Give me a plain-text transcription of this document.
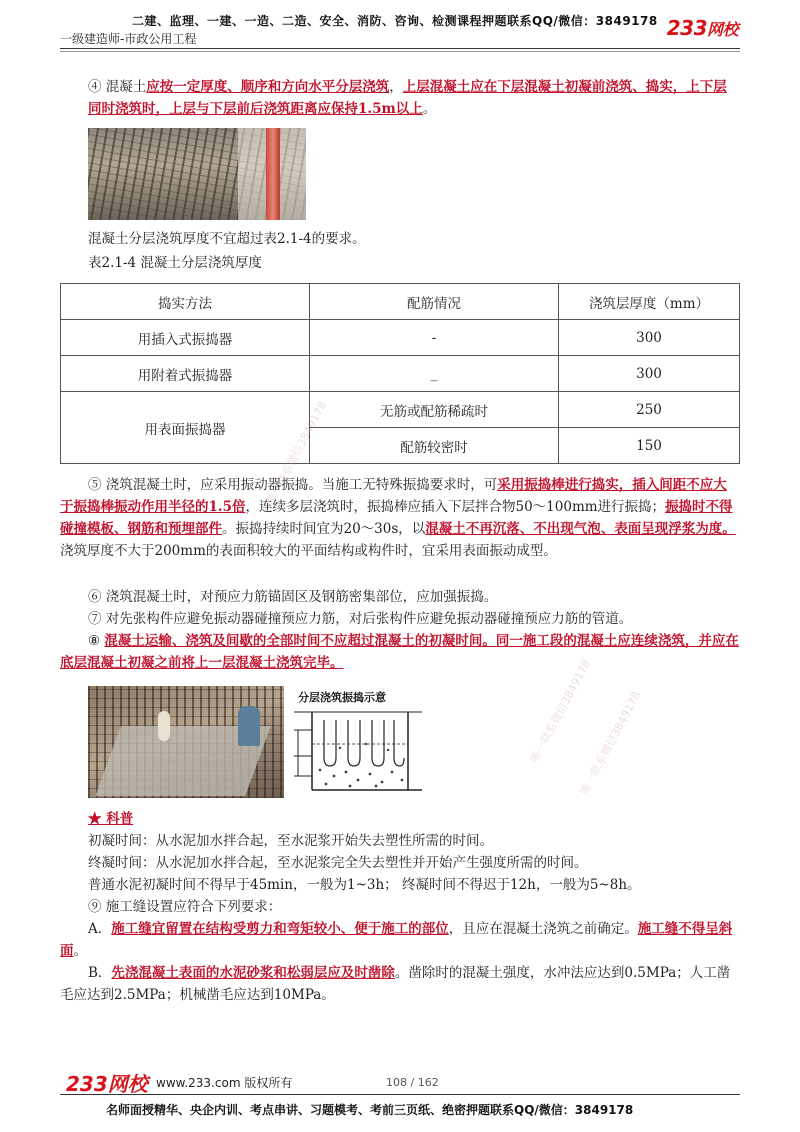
二建、监理、一建、一造、二造、安全、消防、咨询、检测课程押题联系QQ/微信：3849178
一级建造师-市政公用工程	233网校
④ 混凝土应按一定厚度、顺序和方向水平分层浇筑，上层混凝土应在下层混凝土初凝前浇筑、捣实，上下层同时浇筑时，上层与下层前后浇筑距离应保持1.5m以上。
混凝土分层浇筑厚度不宜超过表2.1-4的要求。
表2.1-4 混凝土分层浇筑厚度
捣实方法	配筋情况	浇筑层厚度（mm）
用插入式振捣器	-	300
用附着式振捣器	_	300
用表面振捣器	无筋或配筋稀疏时	250
	配筋较密时	150
⑤ 浇筑混凝土时，应采用振动器振捣。当施工无特殊振捣要求时，可采用振捣棒进行捣实，插入间距不应大于振捣棒振动作用半径的1.5倍，连续多层浇筑时，振捣棒应插入下层拌合物50～100mm进行振捣；振捣时不得碰撞模板、钢筋和预埋部件。振捣持续时间宜为20～30s，以混凝土不再沉落、不出现气泡、表面呈现浮浆为度。浇筑厚度不大于200mm的表面积较大的平面结构或构件时，宜采用表面振动成型。
⑥ 浇筑混凝土时，对预应力筋锚固区及钢筋密集部位，应加强振捣。
⑦ 对先张构件应避免振动器碰撞预应力筋，对后张构件应避免振动器碰撞预应力筋的管道。
⑧ 混凝土运输、浇筑及间歇的全部时间不应超过混凝土的初凝时间。同一施工段的混凝土应连续浇筑，并应在底层混凝土初凝之前将上一层混凝土浇筑完毕。
分层浇筑振捣示意
★ 科普
初凝时间：从水泥加水拌合起，至水泥浆开始失去塑性所需的时间。
终凝时间：从水泥加水拌合起，至水泥浆完全失去塑性并开始产生强度所需的时间。
普通水泥初凝时间不得早于45min，一般为1~3h； 终凝时间不得迟于12h，一般为5~8h。
⑨ 施工缝设置应符合下列要求：
A．施工缝宜留置在结构受剪力和弯矩较小、便于施工的部位，且应在混凝土浇筑之前确定。施工缝不得呈斜面。
B．先浇混凝土表面的水泥砂浆和松弱层应及时凿除。凿除时的混凝土强度，水冲法应达到0.5MPa；人工凿毛应达到2.5MPa；机械凿毛应达到10MPa。
唯一联系微信3849178
唯一联系微信3849178
唯一联系微信3849178
233网校 www.233.com 版权所有	108 / 162
名师面授精华、央企内训、考点串讲、习题模考、考前三页纸、绝密押题联系QQ/微信：3849178
